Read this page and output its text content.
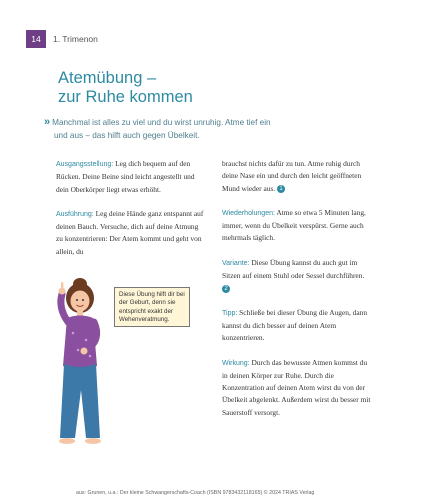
14	1. Trimenon
Atemübung –
zur Ruhe kommen
» Manchmal ist alles zu viel und du wirst unruhig. Atme tief ein
und aus – das hilft auch gegen Übelkeit.

Ausgangsstellung: Leg dich bequem auf den Rücken. Deine Beine sind leicht angestellt und dein Oberkörper liegt etwas erhöht.

Ausführung: Leg deine Hände ganz entspannt auf deinen Bauch. Versuche, dich auf deine Atmung zu konzentrieren: Der Atem kommt und geht von allein, du

brauchst nichts dafür zu tun. Atme ruhig durch deine Nase ein und durch den leicht geöffneten Mund wieder aus. 1

Wiederholungen: Atme so etwa 5 Minuten lang, immer, wenn du Übelkeit verspürst. Gerne auch mehrmals täglich.

Variante: Diese Übung kannst du auch gut im Sitzen auf einem Stuhl oder Sessel durchführen. 2

Tipp: Schließe bei dieser Übung die Augen, dann kannst du dich besser auf deinen Atem konzentrieren.

Wirkung: Durch das bewusste Atmen kommst du in deinen Körper zur Ruhe. Durch die Konzentration auf deinen Atem wirst du von der Übelkeit abgelenkt. Außerdem wirst du besser mit Sauerstoff versorgt.

Diese Übung hilft dir bei der Geburt, denn sie entspricht exakt der Wehenveratmung.
aus: Grunen, u.a.: Der kleine Schwangerschafts-Coach (ISBN 9783432118165) © 2024 TRIAS Verlag
